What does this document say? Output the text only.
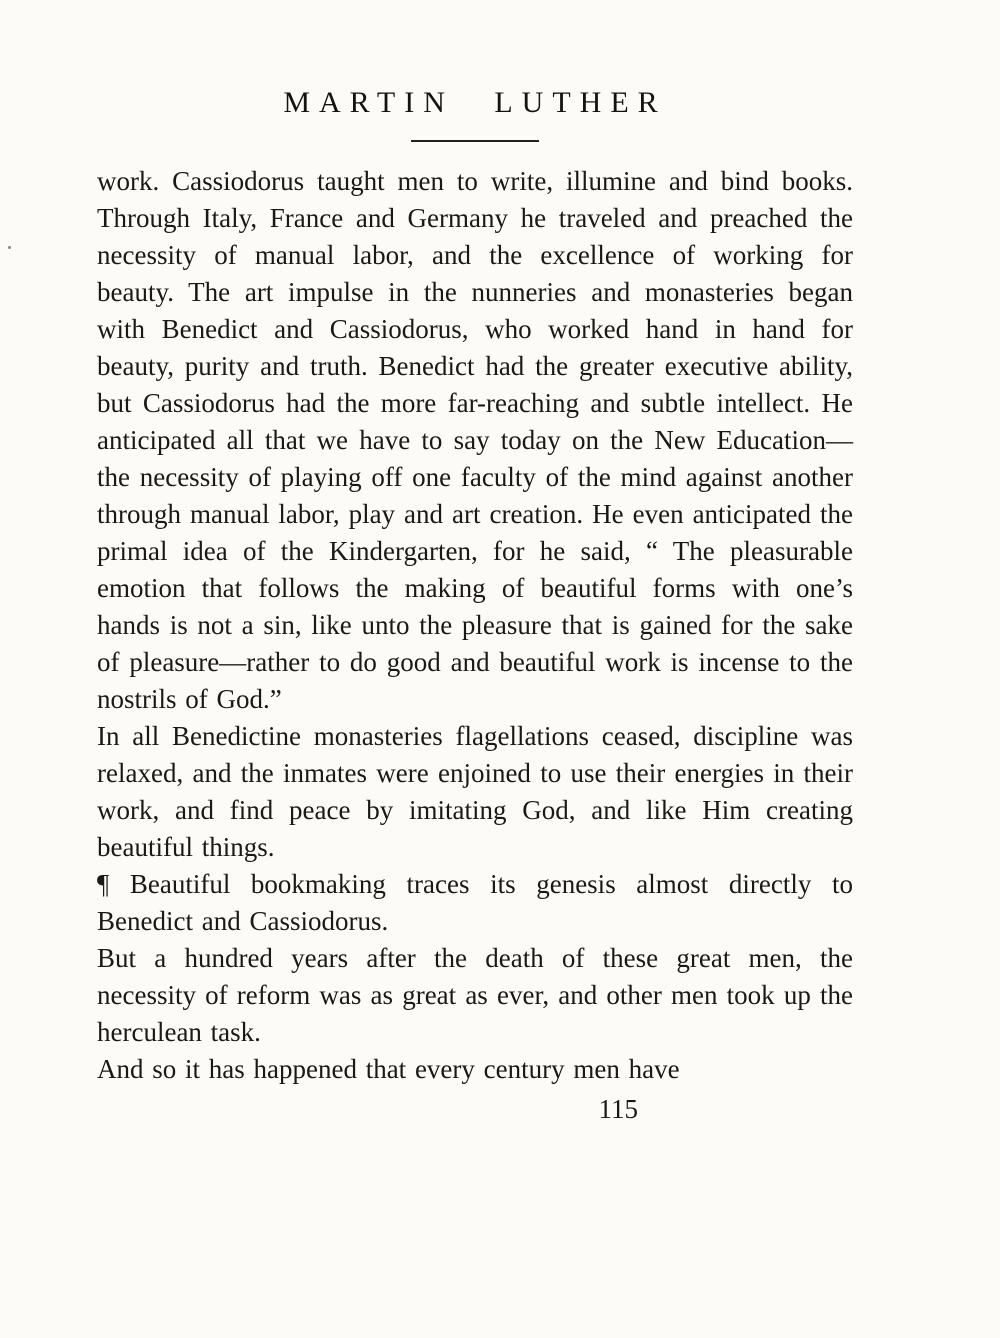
MARTIN LUTHER

work. Cassiodorus taught men to write, illumine and bind books. Through Italy, France and Germany he traveled and preached the necessity of manual labor, and the excellence of working for beauty. The art impulse in the nunneries and monasteries began with Benedict and Cassiodorus, who worked hand in hand for beauty, purity and truth. Benedict had the greater executive ability, but Cassiodorus had the more far-reaching and subtle intellect. He anticipated all that we have to say today on the New Education—the necessity of playing off one faculty of the mind against another through manual labor, play and art creation. He even anticipated the primal idea of the Kindergarten, for he said, “ The pleasurable emotion that follows the making of beautiful forms with one’s hands is not a sin, like unto the pleasure that is gained for the sake of pleasure—rather to do good and beautiful work is incense to the nostrils of God.”

In all Benedictine monasteries flagellations ceased, discipline was relaxed, and the inmates were enjoined to use their energies in their work, and find peace by imitating God, and like Him creating beautiful things.

¶ Beautiful bookmaking traces its genesis almost directly to Benedict and Cassiodorus.

But a hundred years after the death of these great men, the necessity of reform was as great as ever, and other men took up the herculean task.

And so it has happened that every century men have

115
